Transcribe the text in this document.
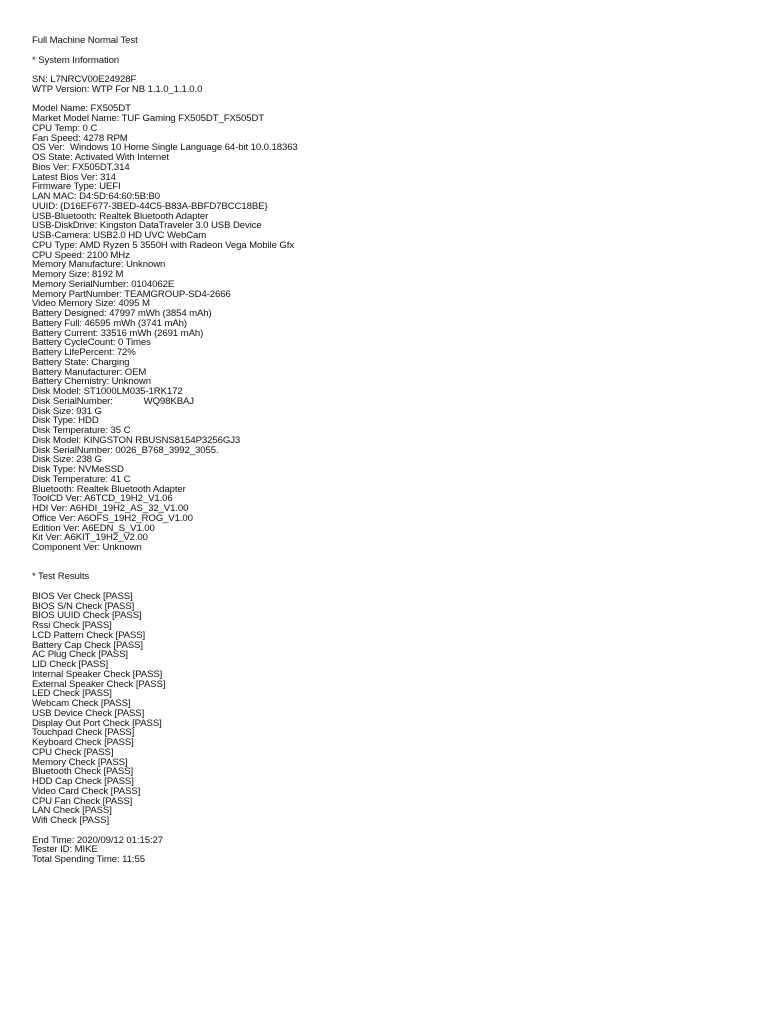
Full Machine Normal Test
* System Information
SN: L7NRCV00E24928F
WTP Version: WTP For NB 1.1.0_1.1.0.0
Model Name: FX505DT
Market Model Name: TUF Gaming FX505DT_FX505DT
CPU Temp: 0 C
Fan Speed: 4278 RPM
OS Ver:  Windows 10 Home Single Language 64-bit 10.0.18363
OS State: Activated With Internet
Bios Ver: FX505DT.314
Latest Bios Ver: 314
Firmware Type: UEFI
LAN MAC: D4:5D:64:60:5B:B0
UUID: {D16EF677-3BED-44C5-B83A-BBFD7BCC18BE}
USB-Bluetooth: Realtek Bluetooth Adapter
USB-DiskDrive: Kingston DataTraveler 3.0 USB Device
USB-Camera: USB2.0 HD UVC WebCam
CPU Type: AMD Ryzen 5 3550H with Radeon Vega Mobile Gfx
CPU Speed: 2100 MHz
Memory Manufacture: Unknown
Memory Size: 8192 M
Memory SerialNumber: 0104062E
Memory PartNumber: TEAMGROUP-SD4-2666
Video Memory Size: 4095 M
Battery Designed: 47997 mWh (3854 mAh)
Battery Full: 46595 mWh (3741 mAh)
Battery Current: 33516 mWh (2691 mAh)
Battery CycleCount: 0 Times
Battery LifePercent: 72%
Battery State: Charging
Battery Manufacturer: OEM
Battery Chemistry: Unknown
Disk Model: ST1000LM035-1RK172
Disk SerialNumber:            WQ98KBAJ
Disk Size: 931 G
Disk Type: HDD
Disk Temperature: 35 C
Disk Model: KINGSTON RBUSNS8154P3256GJ3
Disk SerialNumber: 0026_B768_3992_3055.
Disk Size: 238 G
Disk Type: NVMeSSD
Disk Temperature: 41 C
Bluetooth: Realtek Bluetooth Adapter
ToolCD Ver: A6TCD_19H2_V1.06
HDI Ver: A6HDI_19H2_AS_32_V1.00
Office Ver: A6OFS_19H2_ROG_V1.00
Edition Ver: A6EDN_S_V1.00
Kit Ver: A6KIT_19H2_V2.00
Component Ver: Unknown
* Test Results
BIOS Ver Check [PASS]
BIOS S/N Check [PASS]
BIOS UUID Check [PASS]
Rssi Check [PASS]
LCD Pattern Check [PASS]
Battery Cap Check [PASS]
AC Plug Check [PASS]
LID Check [PASS]
Internal Speaker Check [PASS]
External Speaker Check [PASS]
LED Check [PASS]
Webcam Check [PASS]
USB Device Check [PASS]
Display Out Port Check [PASS]
Touchpad Check [PASS]
Keyboard Check [PASS]
CPU Check [PASS]
Memory Check [PASS]
Bluetooth Check [PASS]
HDD Cap Check [PASS]
Video Card Check [PASS]
CPU Fan Check [PASS]
LAN Check [PASS]
Wifi Check [PASS]
End Time: 2020/09/12 01:15:27
Tester ID: MIKE
Total Spending Time: 11:55
